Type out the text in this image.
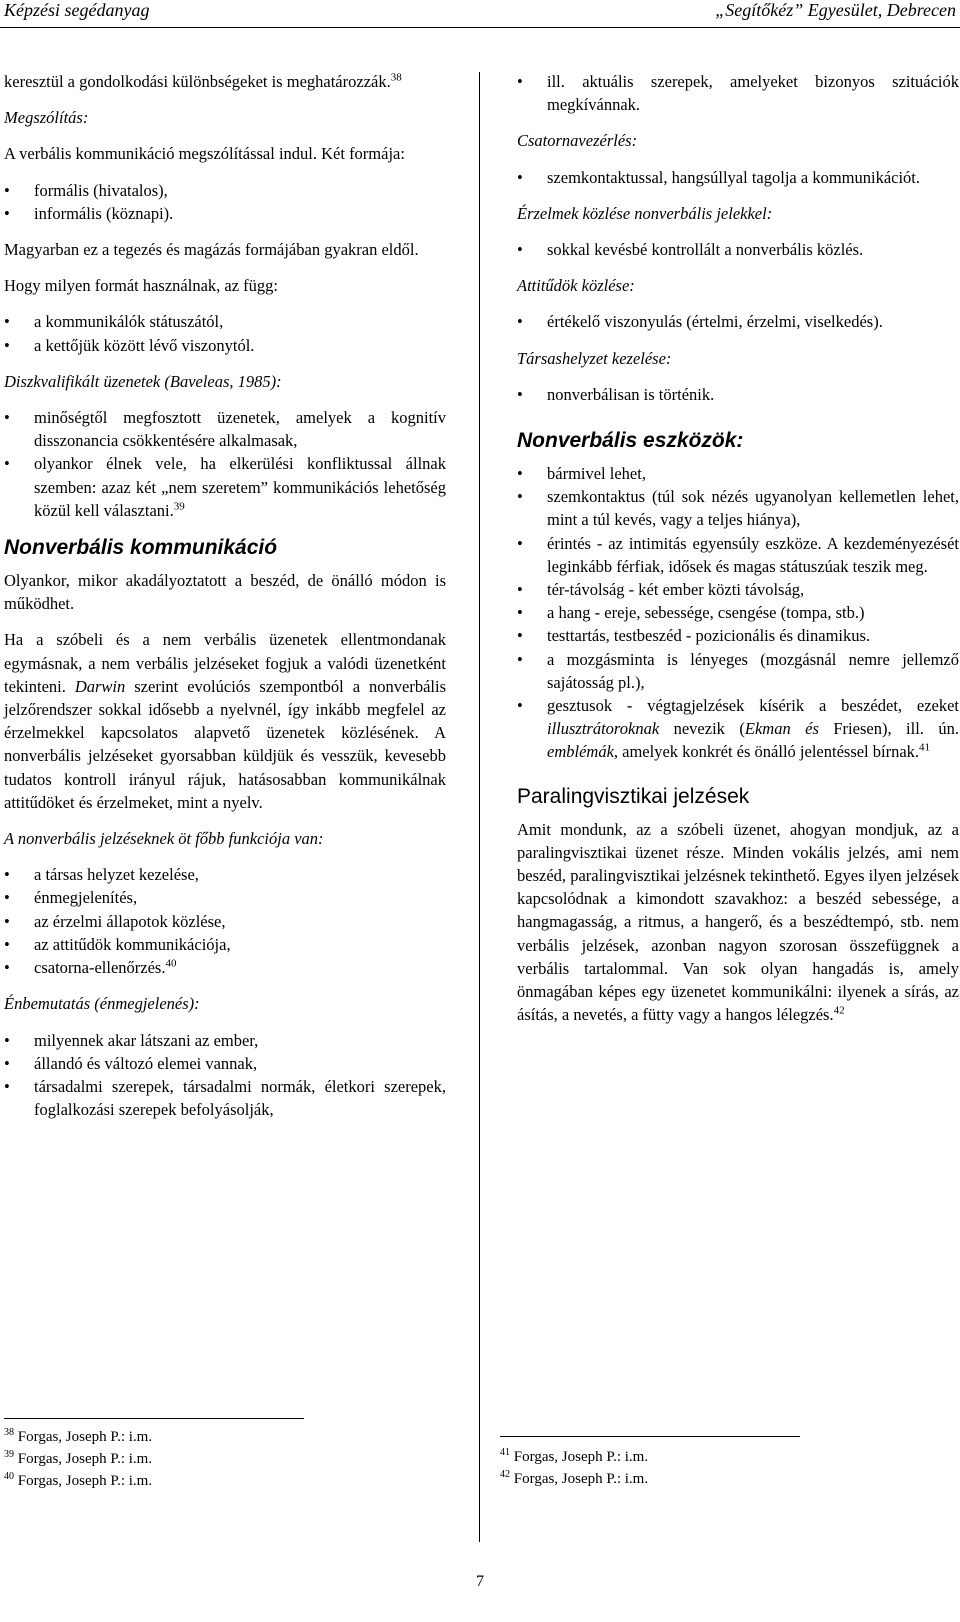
Képzési segédanyag	„Segítőkéz” Egyesület, Debrecen

keresztül a gondolkodási különbségeket is meghatározzák.$^{38}$

Megszólítás:

A verbális kommunikáció megszólítással indul. Két formája:

• formális (hivatalos),
• informális (köznapi).

Magyarban ez a tegezés és magázás formájában gyakran eldől.

Hogy milyen formát használnak, az függ:

• a kommunikálók státuszától,
• a kettőjük között lévő viszonytól.

Diszkvalifikált üzenetek (Baveleas, 1985):

• minőségtől megfosztott üzenetek, amelyek a kognitív disszonancia csökkentésére alkalmasak,
• olyankor élnek vele, ha elkerülési konfliktussal állnak szemben: azaz két „nem szeretem” kommunikációs lehetőség közül kell választani.$^{39}$
Nonverbális kommunikáció

Olyankor, mikor akadályoztatott a beszéd, de önálló módon is működhet.

Ha a szóbeli és a nem verbális üzenetek ellentmondanak egymásnak, a nem verbális jelzéseket fogjuk a valódi üzenetként tekinteni. Darwin szerint evolúciós szempontból a nonverbális jelzőrendszer sokkal idősebb a nyelvnél, így inkább megfelel az érzelmekkel kapcsolatos alapvető üzenetek közlésének. A nonverbális jelzéseket gyorsabban küldjük és vesszük, kevesebb tudatos kontroll irányul rájuk, hatásosabban kommunikálnak attitűdöket és érzelmeket, mint a nyelv.

A nonverbális jelzéseknek öt főbb funkciója van:

• a társas helyzet kezelése,
• énmegjelenítés,
• az érzelmi állapotok közlése,
• az attitűdök kommunikációja,
• csatorna-ellenőrzés.$^{40}$

Énbemutatás (énmegjelenés):

• milyennek akar látszani az ember,
• állandó és változó elemei vannak,
• társadalmi szerepek, társadalmi normák, életkori szerepek, foglalkozási szerepek befolyásolják,
• ill. aktuális szerepek, amelyeket bizonyos szituációk megkívánnak.

Csatornavezérlés:

• szemkontaktussal, hangsúllyal tagolja a kommunikációt.

Érzelmek közlése nonverbális jelekkel:

• sokkal kevésbé kontrollált a nonverbális közlés.

Attitűdök közlése:

• értékelő viszonyulás (értelmi, érzelmi, viselkedés).

Társashelyzet kezelése:

• nonverbálisan is történik.
Nonverbális eszközök:
• bármivel lehet,
• szemkontaktus (túl sok nézés ugyanolyan kellemetlen lehet, mint a túl kevés, vagy a teljes hiánya),
• érintés - az intimitás egyensúly eszköze. A kezdeményezését leginkább férfiak, idősek és magas státuszúak teszik meg.
• tér-távolság - két ember közti távolság,
• a hang - ereje, sebessége, csengése (tompa, stb.)
• testtartás, testbeszéd - pozicionális és dinamikus.
• a mozgásminta is lényeges (mozgásnál nemre jellemző sajátosság pl.),
• gesztusok - végtagjelzések kísérik a beszédet, ezeket illusztrátoroknak nevezik (Ekman és Friesen), ill. ún. emblémák, amelyek konkrét és önálló jelentéssel bírnak.$^{41}$
Paralingvisztikai jelzések

Amit mondunk, az a szóbeli üzenet, ahogyan mondjuk, az a paralingvisztikai üzenet része. Minden vokális jelzés, ami nem beszéd, paralingvisztikai jelzésnek tekinthető. Egyes ilyen jelzések kapcsolódnak a kimondott szavakhoz: a beszéd sebessége, a hangmagasság, a ritmus, a hangerő, és a beszédtempó, stb. nem verbális jelzések, azonban nagyon szorosan összefüggnek a verbális tartalommal. Van sok olyan hangadás is, amely önmagában képes egy üzenetet kommunikálni: ilyenek a sírás, az ásítás, a nevetés, a fütty vagy a hangos lélegzés.$^{42}$

$^{38}$ Forgas, Joseph P.: i.m.
$^{39}$ Forgas, Joseph P.: i.m.
$^{40}$ Forgas, Joseph P.: i.m.
$^{41}$ Forgas, Joseph P.: i.m.
$^{42}$ Forgas, Joseph P.: i.m.
7
